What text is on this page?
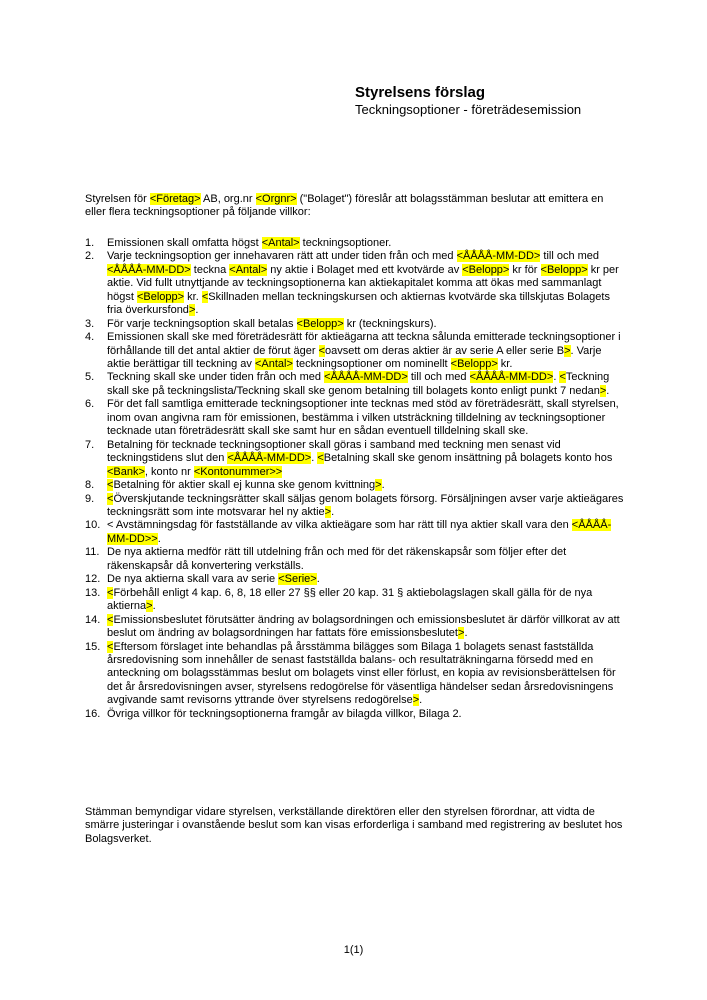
Styrelsens förslag
Teckningsoptioner - företrädesemission

Styrelsen för <Företag> AB, org.nr <Orgnr> ("Bolaget") föreslår att bolagsstämman beslutar att emittera en eller flera teckningsoptioner på följande villkor:

1.	Emissionen skall omfatta högst <Antal> teckningsoptioner.
2.	Varje teckningsoption ger innehavaren rätt att under tiden från och med <ÅÅÅÅ-MM-DD> till och med <ÅÅÅÅ-MM-DD> teckna <Antal> ny aktie i Bolaget med ett kvotvärde av <Belopp> kr för <Belopp> kr per aktie. Vid fullt utnyttjande av teckningsoptionerna kan aktiekapitalet komma att ökas med sammanlagt högst <Belopp> kr. <Skillnaden mellan teckningskursen och aktiernas kvotvärde ska tillskjutas Bolagets fria överkursfond>.
3.	För varje teckningsoption skall betalas <Belopp> kr (teckningskurs).
4.	Emissionen skall ske med företrädesrätt för aktieägarna att teckna sålunda emitterade teckningsoptioner i förhållande till det antal aktier de förut äger <oavsett om deras aktier är av serie A eller serie B>. Varje aktie berättigar till teckning av <Antal> teckningsoptioner om nominellt <Belopp> kr.
5.	Teckning skall ske under tiden från och med <ÅÅÅÅ-MM-DD> till och med <ÅÅÅÅ-MM-DD>. <Teckning skall ske på teckningslista/Teckning skall ske genom betalning till bolagets konto enligt punkt 7 nedan>.
6.	För det fall samtliga emitterade teckningsoptioner inte tecknas med stöd av företrädesrätt, skall styrelsen, inom ovan angivna ram för emissionen, bestämma i vilken utsträckning tilldelning av teckningsoptioner tecknade utan företrädesrätt skall ske samt hur en sådan eventuell tilldelning skall ske.
7.	Betalning för tecknade teckningsoptioner skall göras i samband med teckning men senast vid teckningstidens slut den <ÅÅÅÅ-MM-DD>. <Betalning skall ske genom insättning på bolagets konto hos <Bank>, konto nr <Kontonummer>>
8.	<Betalning för aktier skall ej kunna ske genom kvittning>.
9.	<Överskjutande teckningsrätter skall säljas genom bolagets försorg. Försäljningen avser varje aktieägares teckningsrätt som inte motsvarar hel ny aktie>.
10. < Avstämningsdag för fastställande av vilka aktieägare som har rätt till nya aktier skall vara den <ÅÅÅÅ-MM-DD>>.
11. De nya aktierna medför rätt till utdelning från och med för det räkenskapsår som följer efter det räkenskapsår då konvertering verkställs.
12. De nya aktierna skall vara av serie <Serie>.
13. <Förbehåll enligt 4 kap. 6, 8, 18 eller 27 §§ eller 20 kap. 31 § aktiebolagslagen skall gälla för de nya aktierna>.
14. <Emissionsbeslutet förutsätter ändring av bolagsordningen och emissionsbeslutet är därför villkorat av att beslut om ändring av bolagsordningen har fattats före emissionsbeslutet>.
15. <Eftersom förslaget inte behandlas på årsstämma bilägges som Bilaga 1 bolagets senast fastställda årsredovisning som innehåller de senast fastställda balans- och resultaträkningarna försedd med en anteckning om bolagsstämmas beslut om bolagets vinst eller förlust, en kopia av revisionsberättelsen för det år årsredovisningen avser, styrelsens redogörelse för väsentliga händelser sedan årsredovisningens avgivande samt revisorns yttrande över styrelsens redogörelse>.
16. Övriga villkor för teckningsoptionerna framgår av bilagda villkor, Bilaga 2.

Stämman bemyndigar vidare styrelsen, verkställande direktören eller den styrelsen förordnar, att vidta de smärre justeringar i ovanstående beslut som kan visas erforderliga i samband med registrering av beslutet hos Bolagsverket.

1(1)
